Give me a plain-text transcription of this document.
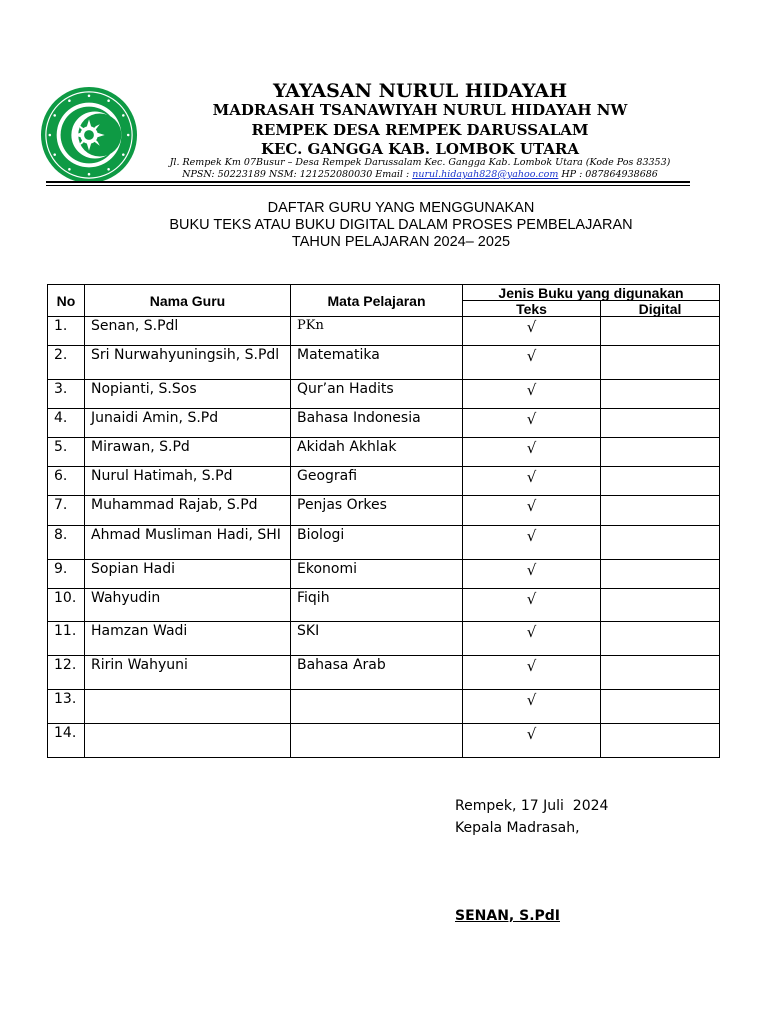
YAYASAN NURUL HIDAYAH
MADRASAH TSANAWIYAH NURUL HIDAYAH NW
REMPEK DESA REMPEK DARUSSALAM
KEC. GANGGA KAB. LOMBOK UTARA
Jl. Rempek Km 07Busur – Desa Rempek Darussalam Kec. Gangga Kab. Lombok Utara (Kode Pos 83353)
NPSN: 50223189 NSM: 121252080030 Email : nurul.hidayah828@yahoo.com HP : 087864938686
DAFTAR GURU YANG MENGGUNAKAN
BUKU TEKS ATAU BUKU DIGITAL DALAM PROSES PEMBELAJARAN
TAHUN PELAJARAN 2024– 2025
No	Nama Guru	Mata Pelajaran	Jenis Buku yang digunakan	
			Teks	Digital
1.	Senan, S.Pdl	PKn	√	
2.	Sri Nurwahyuningsih, S.Pdl	Matematika	√	
3.	Nopianti, S.Sos	Qur’an Hadits	√	
4.	Junaidi Amin, S.Pd	Bahasa Indonesia	√	
5.	Mirawan, S.Pd	Akidah Akhlak	√	
6.	Nurul Hatimah, S.Pd	Geografi	√	
7.	Muhammad Rajab, S.Pd	Penjas Orkes	√	
8.	Ahmad Musliman Hadi, SHI	Biologi	√	
9.	Sopian Hadi	Ekonomi	√	
10.	Wahyudin	Fiqih	√	
11.	Hamzan Wadi	SKI	√	
12.	Ririn Wahyuni	Bahasa Arab	√	
13.			√	
14.			√	
Rempek, 17 Juli  2024
Kepala Madrasah,
SENAN, S.PdI
